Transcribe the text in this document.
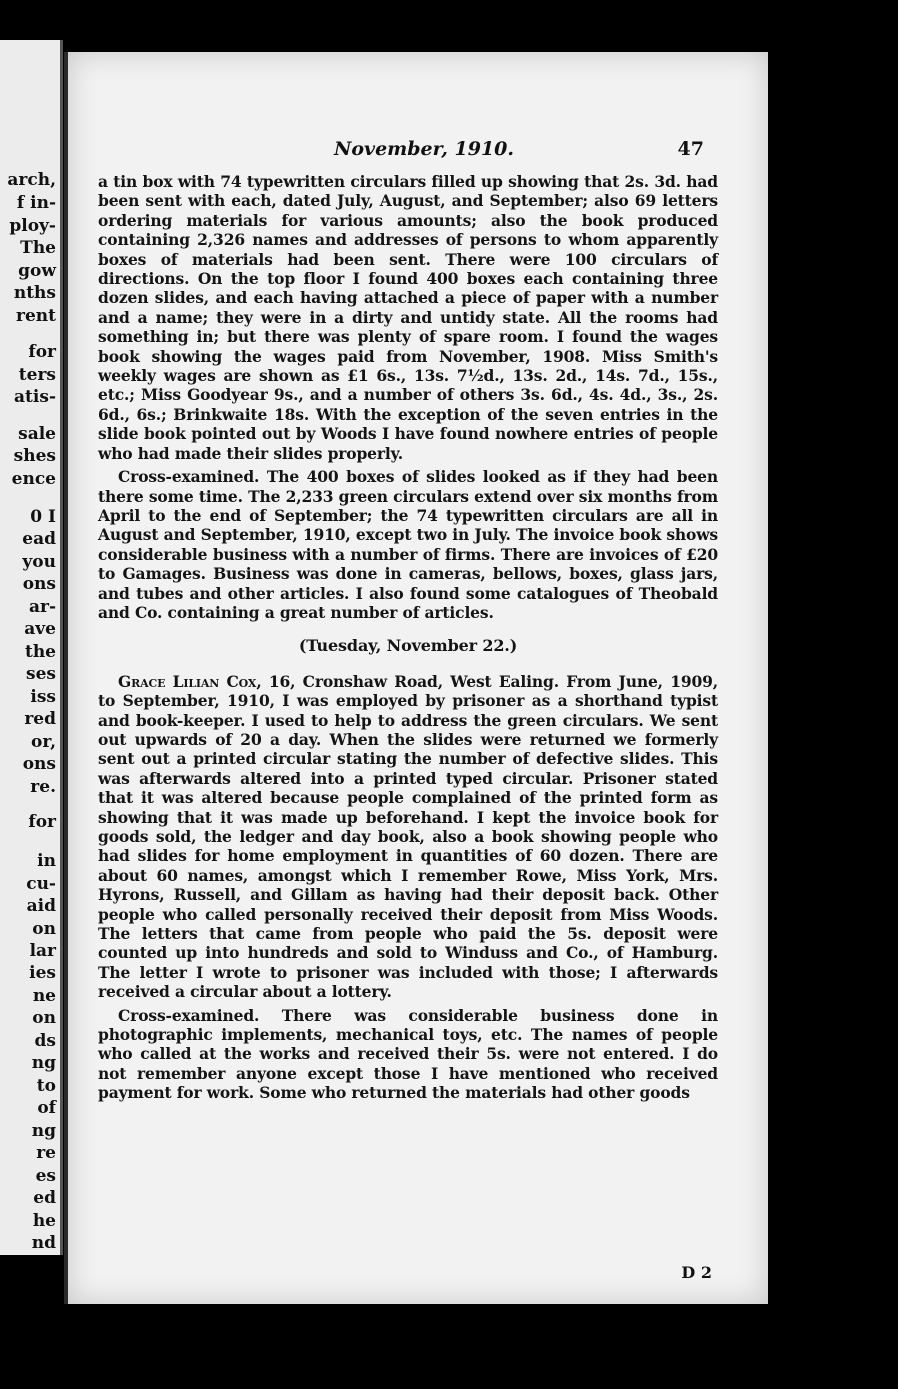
arch,
f in-
ploy-
The
gow
nths
rent
for
ters
atis-
sale
shes
ence
0 I
ead
you
ons
ar-
ave
the
ses
iss
red
or,
ons
re.
for
in
cu-
aid
on
lar
ies
ne
on
ds
ng
to
of
ng
re
es
ed
he
nd
November, 1910.	47

a tin box with 74 typewritten circulars filled up showing that 2s. 3d. had been sent with each, dated July, August, and September; also 69 letters ordering materials for various amounts; also the book produced containing 2,326 names and addresses of persons to whom apparently boxes of materials had been sent. There were 100 circulars of directions. On the top floor I found 400 boxes each containing three dozen slides, and each having attached a piece of paper with a number and a name; they were in a dirty and untidy state. All the rooms had something in; but there was plenty of spare room. I found the wages book showing the wages paid from November, 1908. Miss Smith's weekly wages are shown as £1 6s., 13s. 7½d., 13s. 2d., 14s. 7d., 15s., etc.; Miss Goodyear 9s., and a number of others 3s. 6d., 4s. 4d., 3s., 2s. 6d., 6s.; Brinkwaite 18s. With the exception of the seven entries in the slide book pointed out by Woods I have found nowhere entries of people who had made their slides properly.

Cross-examined. The 400 boxes of slides looked as if they had been there some time. The 2,233 green circulars extend over six months from April to the end of September; the 74 typewritten circulars are all in August and September, 1910, except two in July. The invoice book shows considerable business with a number of firms. There are invoices of £20 to Gamages. Business was done in cameras, bellows, boxes, glass jars, and tubes and other articles. I also found some catalogues of Theobald and Co. containing a great number of articles.

(Tuesday, November 22.)

Grace Lilian Cox, 16, Cronshaw Road, West Ealing. From June, 1909, to September, 1910, I was employed by prisoner as a shorthand typist and book-keeper. I used to help to address the green circulars. We sent out upwards of 20 a day. When the slides were returned we formerly sent out a printed circular stating the number of defective slides. This was afterwards altered into a printed typed circular. Prisoner stated that it was altered because people complained of the printed form as showing that it was made up beforehand. I kept the invoice book for goods sold, the ledger and day book, also a book showing people who had slides for home employment in quantities of 60 dozen. There are about 60 names, amongst which I remember Rowe, Miss York, Mrs. Hyrons, Russell, and Gillam as having had their deposit back. Other people who called personally received their deposit from Miss Woods. The letters that came from people who paid the 5s. deposit were counted up into hundreds and sold to Winduss and Co., of Hamburg. The letter I wrote to prisoner was included with those; I afterwards received a circular about a lottery.

Cross-examined. There was considerable business done in photographic implements, mechanical toys, etc. The names of people who called at the works and received their 5s. were not entered. I do not remember anyone except those I have mentioned who received payment for work. Some who returned the materials had other goods

D 2
